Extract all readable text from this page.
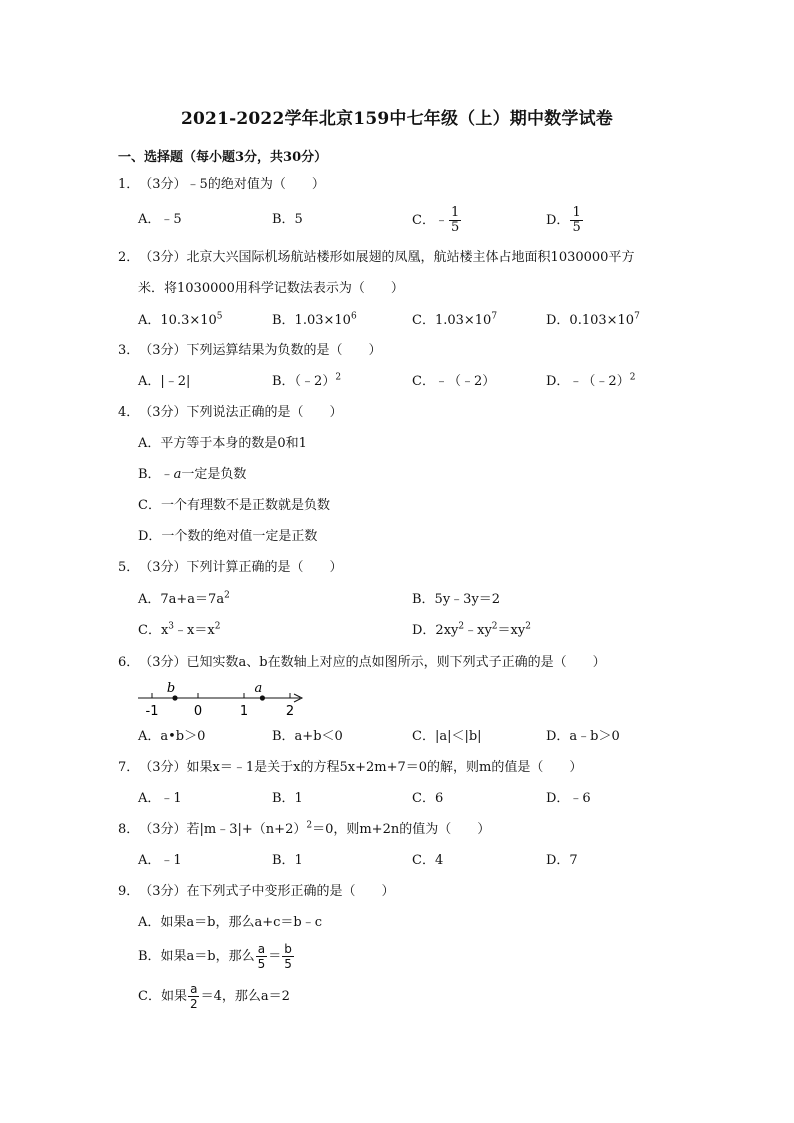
2021-2022学年北京159中七年级（上）期中数学试卷
一、选择题（每小题3分，共30分）
1．（3分）﹣5的绝对值为（　　）
A．﹣5	B．5	C．﹣ $\frac{1}{5}$	D． $\frac{1}{5}$
2．（3分）北京大兴国际机场航站楼形如展翅的凤凰，航站楼主体占地面积1030000平方
米．将1030000用科学记数法表示为（　　）
A．$10.3\times 10^5$	B．$1.03\times 10^6$	C．$1.03\times 10^7$	D．$0.103\times 10^7$
3．（3分）下列运算结果为负数的是（　　）
A．|﹣2|	B．（﹣2）$^2$	C．﹣（﹣2）	D．﹣（﹣2）$^2$
4．（3分）下列说法正确的是（　　）
A．平方等于本身的数是0和1
B．﹣a一定是负数
C．一个有理数不是正数就是负数
D．一个数的绝对值一定是正数
5．（3分）下列计算正确的是（　　）
A．$7a+a=7a^2$	B．5y﹣3y＝2
C．$x^3﹣x=x^2$	D．$2xy^2﹣xy^2=xy^2$
6．（3分）已知实数a、b在数轴上对应的点如图所示，则下列式子正确的是（　　）
-1	0	1	2
b	a
A．a•b＞0	B．a+b＜0	C．|a|＜|b|	D．a﹣b＞0
7．（3分）如果x＝﹣1是关于x的方程5x+2m+7＝0的解，则m的值是（　　）
A．﹣1	B．1	C．6	D．﹣6
8．（3分）若$|m﹣3|+(n+2)^2=0$，则m+2n的值为（　　）
A．﹣1	B．1	C．4	D．7
9．（3分）在下列式子中变形正确的是（　　）
A．如果a＝b，那么a+c＝b﹣c
B．如果a＝b，那么 $\frac{a}{5} = \frac{b}{5}$
C．如果 $\frac{a}{2} =4$，那么a＝2
